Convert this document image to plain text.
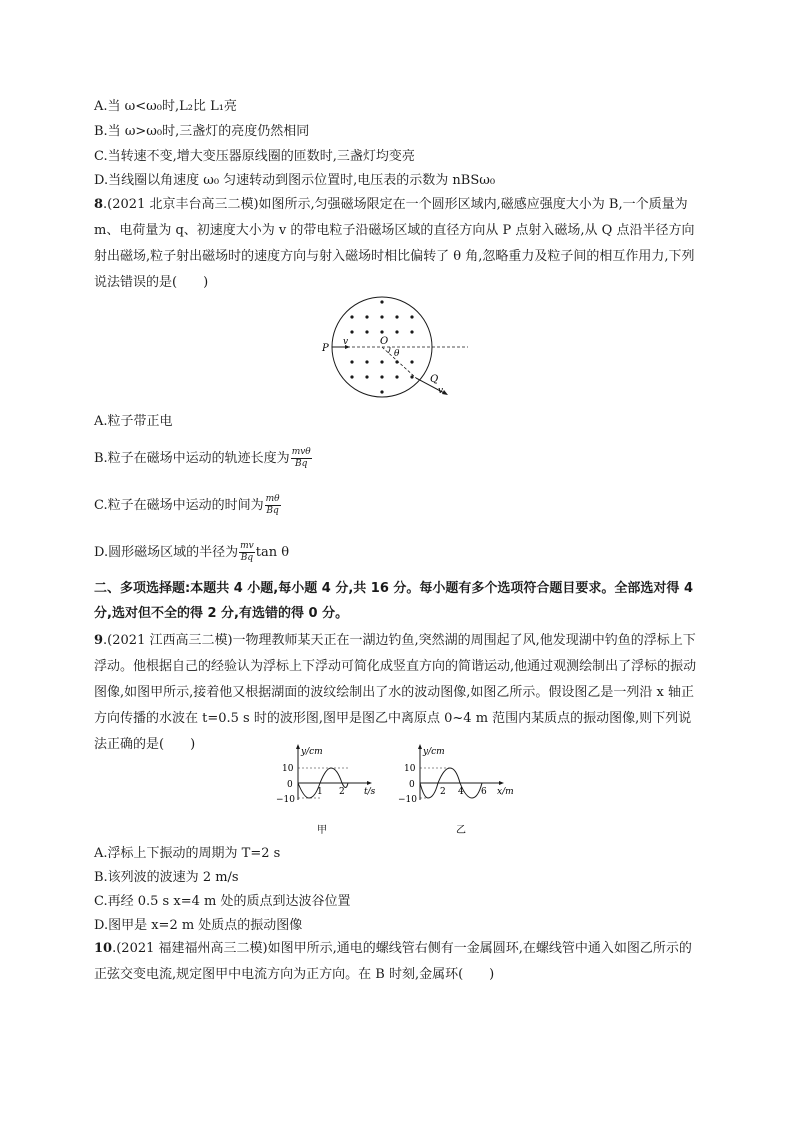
A.当 ω<ω₀时,L₂比 L₁亮
B.当 ω>ω₀时,三盏灯的亮度仍然相同
C.当转速不变,增大变压器原线圈的匝数时,三盏灯均变亮
D.当线圈以角速度 ω₀ 匀速转动到图示位置时,电压表的示数为 nBSω₀
8.(2021 北京丰台高三二模)如图所示,匀强磁场限定在一个圆形区域内,磁感应强度大小为 B,一个质量为 m、电荷量为 q、初速度大小为 v 的带电粒子沿磁场区域的直径方向从 P 点射入磁场,从 Q 点沿半径方向射出磁场,粒子射出磁场时的速度方向与射入磁场时相比偏转了 θ 角,忽略重力及粒子间的相互作用力,下列说法错误的是(　　)
P
v	O
θ
Q
v
A.粒子带正电
B.粒子在磁场中运动的轨迹长度为 $\frac{\text{mvθ}}{Bq}$
C.粒子在磁场中运动的时间为 $\frac{m\theta}{Bq}$
D.圆形磁场区域的半径为 $\frac{mv}{Bq}$ tan θ
二、多项选择题:本题共 4 小题,每小题 4 分,共 16 分。每小题有多个选项符合题目要求。全部选对得 4 分,选对但不全的得 2 分,有选错的得 0 分。
9.(2021 江西高三二模)一物理教师某天正在一湖边钓鱼,突然湖的周围起了风,他发现湖中钓鱼的浮标上下浮动。他根据自己的经验认为浮标上下浮动可简化成竖直方向的简谐运动,他通过观测绘制出了浮标的振动图像,如图甲所示,接着他又根据湖面的波纹绘制出了水的波动图像,如图乙所示。假设图乙是一列沿 x 轴正方向传播的水波在 t=0.5 s 时的波形图,图甲是图乙中离原点 0~4 m 范围内某质点的振动图像,则下列说法正确的是(　　)	y/cm
10
0
−10
1 2 t/s
甲
y/cm
10
0
−10
2 4 6 x/m
乙
A.浮标上下振动的周期为 T=2 s
B.该列波的波速为 2 m/s
C.再经 0.5 s x=4 m 处的质点到达波谷位置
D.图甲是 x=2 m 处质点的振动图像
10.(2021 福建福州高三二模)如图甲所示,通电的螺线管右侧有一金属圆环,在螺线管中通入如图乙所示的正弦交变电流,规定图甲中电流方向为正方向。在 B 时刻,金属环(　　)
